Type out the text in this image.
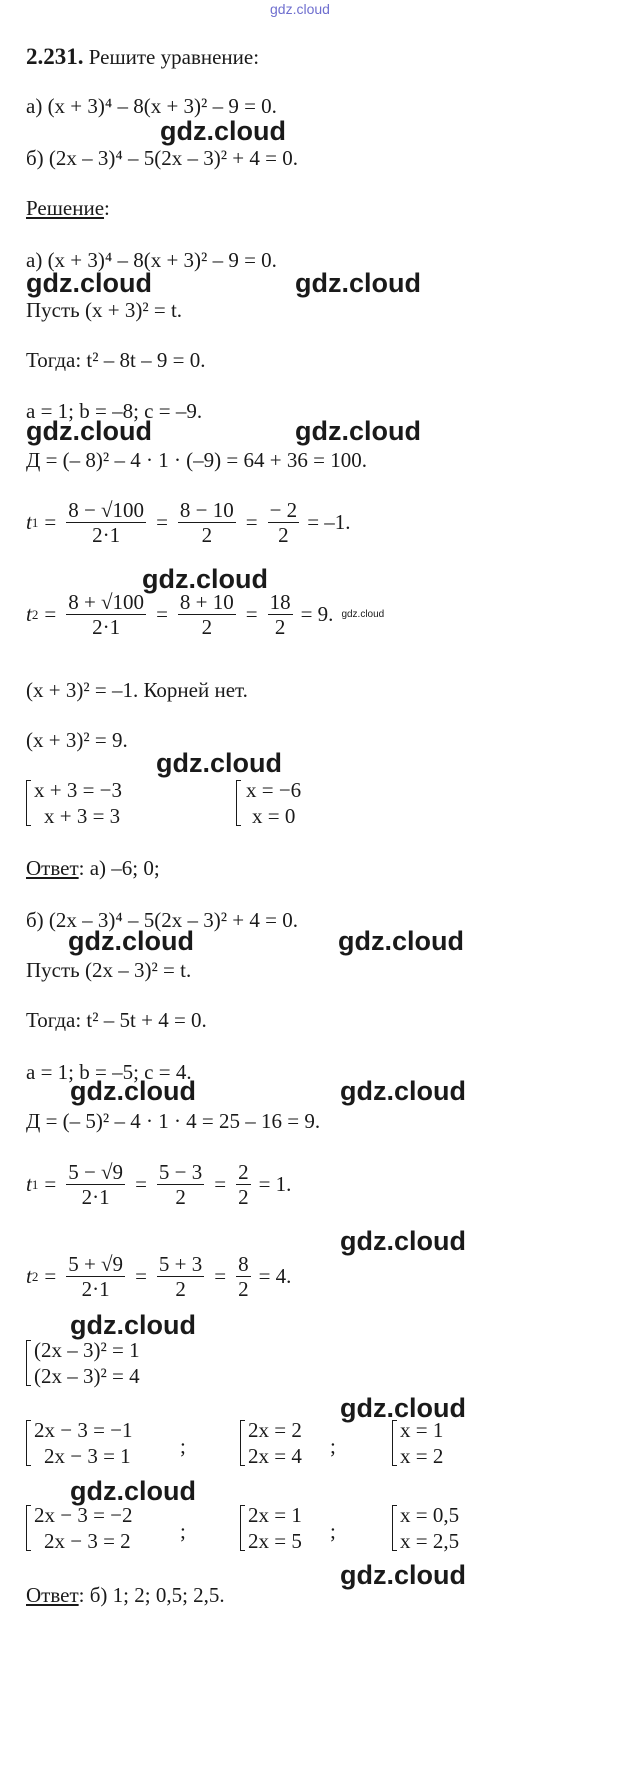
gdz.cloud
2.231. Решите уравнение:
а) (x + 3)⁴ – 8(x + 3)² – 9 = 0.
gdz.cloud
б) (2x – 3)⁴ – 5(2x – 3)² + 4 = 0.
Решение:
а) (x + 3)⁴ – 8(x + 3)² – 9 = 0.
gdz.cloud	gdz.cloud
Пусть (x + 3)² = t.
Тогда: t² – 8t – 9 = 0.
a = 1; b = –8; c = –9.
gdz.cloud	gdz.cloud
Д = (– 8)² – 4 · 1 · (–9) = 64 + 36 = 100.
t $1 = \frac{8 - √100}{2\cdot 1} = \frac{8 - 10}{2} = \frac{- 2}{2} = -1$.
gdz.cloud
t $2 = \frac{8 + √100}{2\cdot 1} = \frac{8 + 10}{2} = \frac{18}{2} = 9$. gdz.cloud
(x + 3)² = –1. Корней нет.
(x + 3)² = 9.
gdz.cloud
x + 3 = −3
x + 3 = 3
x = −6
x = 0
Ответ: а) –6; 0;
б) (2x – 3)⁴ – 5(2x – 3)² + 4 = 0.
gdz.cloud	gdz.cloud
Пусть (2x – 3)² = t.
Тогда: t² – 5t + 4 = 0.
a = 1; b = –5; c = 4.
gdz.cloud	gdz.cloud
Д = (– 5)² – 4 · 1 · 4 = 25 – 16 = 9.
t $1 = \frac{5 - √9}{2\cdot 1} = \frac{5 - 3}{2} = \frac{2}{2} = 1$.
gdz.cloud
t $2 = \frac{5 + √9}{2\cdot 1} = \frac{5 + 3}{2} = \frac{8}{2} = 4$.
gdz.cloud
(2x – 3)² = 1
(2x – 3)² = 4
gdz.cloud
2x − 3 = −1
2x − 3 = 1 ;
2x = 2
2x = 4 ;
x = 1
x = 2
gdz.cloud
2x − 3 = −2
2x − 3 = 2 ;
2x = 1
2x = 5 ;
x = 0,5
x = 2,5
gdz.cloud
Ответ: б) 1; 2; 0,5; 2,5.
